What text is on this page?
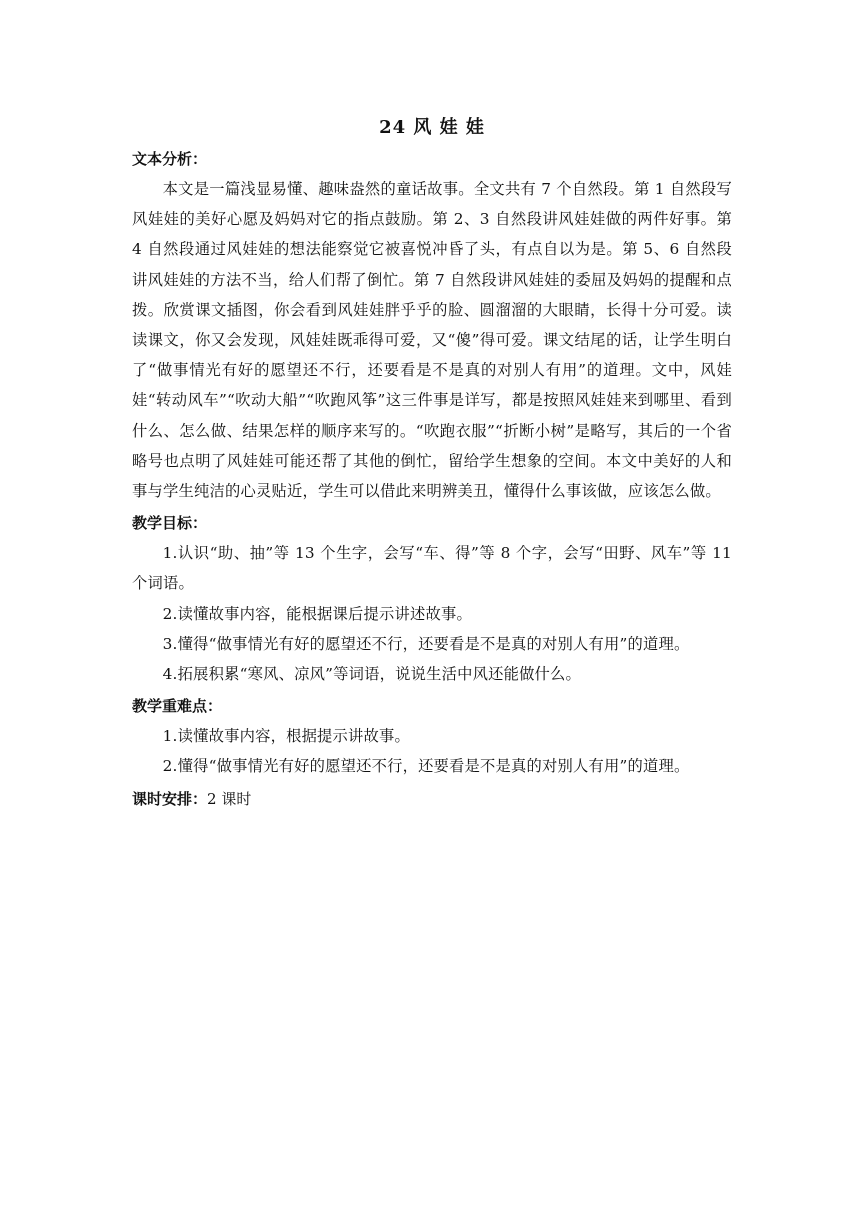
24 风 娃 娃
文本分析：

本文是一篇浅显易懂、趣味盎然的童话故事。全文共有 7 个自然段。第 1 自然段写风娃娃的美好心愿及妈妈对它的指点鼓励。第 2、3 自然段讲风娃娃做的两件好事。第 4 自然段通过风娃娃的想法能察觉它被喜悦冲昏了头，有点自以为是。第 5、6 自然段讲风娃娃的方法不当，给人们帮了倒忙。第 7 自然段讲风娃娃的委屈及妈妈的提醒和点拨。欣赏课文插图，你会看到风娃娃胖乎乎的脸、圆溜溜的大眼睛，长得十分可爱。读读课文，你又会发现，风娃娃既乖得可爱，又“傻”得可爱。课文结尾的话，让学生明白了“做事情光有好的愿望还不行，还要看是不是真的对别人有用”的道理。文中，风娃娃“转动风车”“吹动大船”“吹跑风筝”这三件事是详写，都是按照风娃娃来到哪里、看到什么、怎么做、结果怎样的顺序来写的。“吹跑衣服”“折断小树”是略写，其后的一个省略号也点明了风娃娃可能还帮了其他的倒忙，留给学生想象的空间。本文中美好的人和事与学生纯洁的心灵贴近，学生可以借此来明辨美丑，懂得什么事该做，应该怎么做。

教学目标：

1.认识“助、抽”等 13 个生字，会写“车、得”等 8 个字，会写“田野、风车”等 11 个词语。

2.读懂故事内容，能根据课后提示讲述故事。

3.懂得“做事情光有好的愿望还不行，还要看是不是真的对别人有用”的道理。

4.拓展积累“寒风、凉风”等词语，说说生活中风还能做什么。

教学重难点：

1.读懂故事内容，根据提示讲故事。

2.懂得“做事情光有好的愿望还不行，还要看是不是真的对别人有用”的道理。

课时安排：2 课时
